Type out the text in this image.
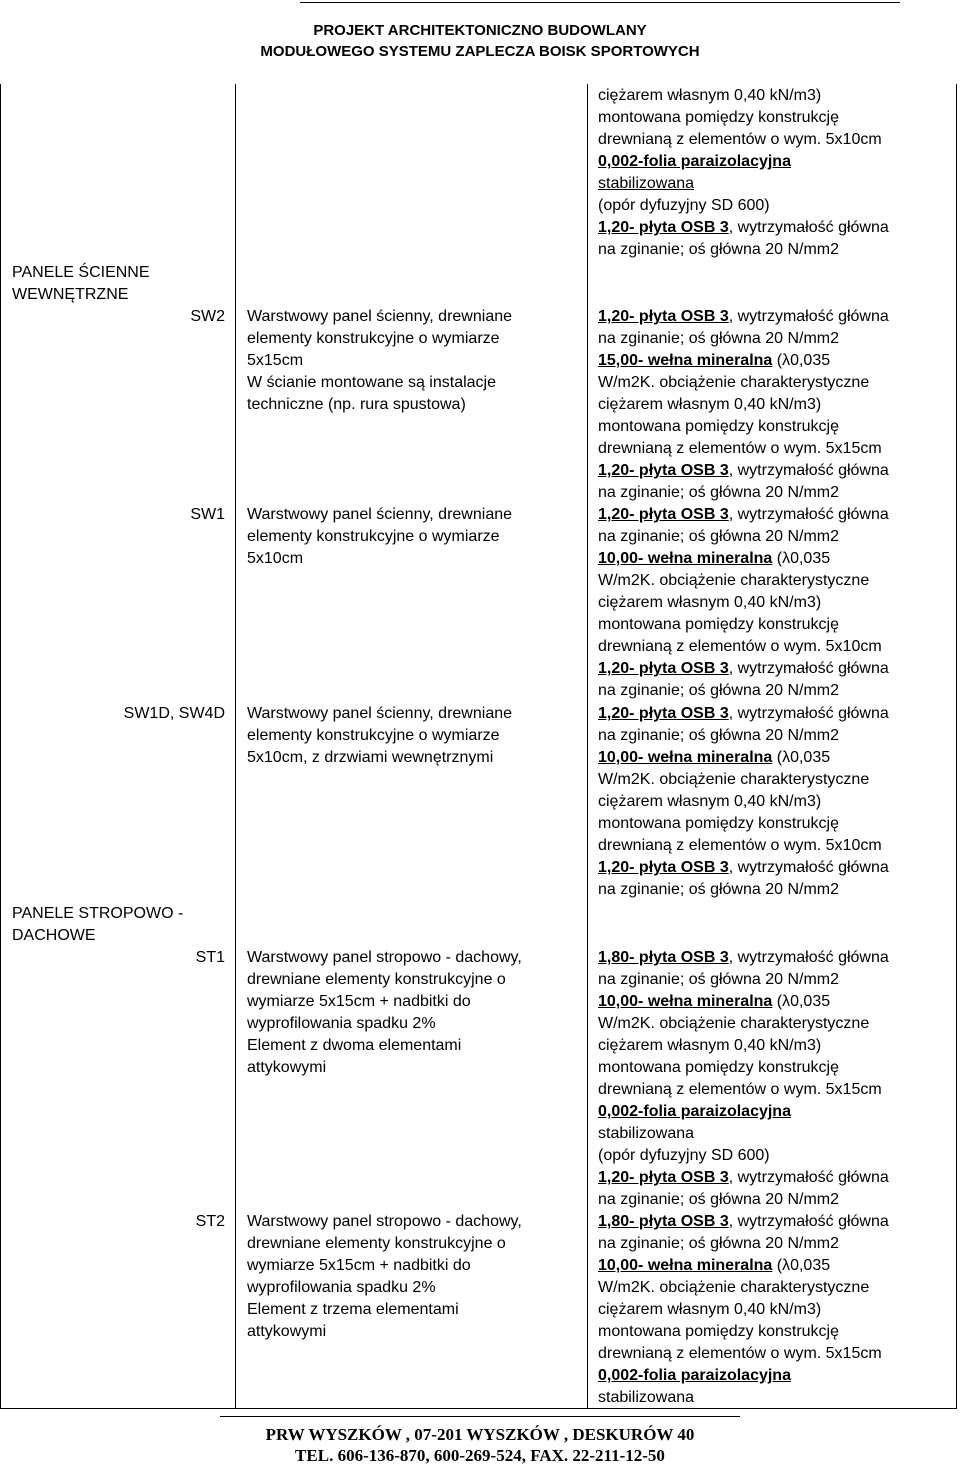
PROJEKT ARCHITEKTONICZNO BUDOWLANY
MODUŁOWEGO SYSTEMU ZAPLECZA BOISK SPORTOWYCH
ciężarem własnym 0,40 kN/m3)
montowana pomiędzy konstrukcję
drewnianą z elementów o wym. 5x10cm
0,002-folia paraizolacyjna
stabilizowana
(opór dyfuzyjny SD 600)
1,20- płyta OSB 3, wytrzymałość główna
na zginanie; oś główna 20 N/mm2
PANELE ŚCIENNE
WEWNĘTRZNE
SW2 Warstwowy panel ścienny, drewniane
elementy konstrukcyjne o wymiarze
5x15cm
W ścianie montowane są instalacje
techniczne (np. rura spustowa)
1,20- płyta OSB 3, wytrzymałość główna
na zginanie; oś główna 20 N/mm2
15,00- wełna mineralna (λ0,035
W/m2K. obciążenie charakterystyczne
ciężarem własnym 0,40 kN/m3)
montowana pomiędzy konstrukcję
drewnianą z elementów o wym. 5x15cm
1,20- płyta OSB 3, wytrzymałość główna
na zginanie; oś główna 20 N/mm2
SW1 Warstwowy panel ścienny, drewniane
elementy konstrukcyjne o wymiarze
5x10cm
1,20- płyta OSB 3, wytrzymałość główna
na zginanie; oś główna 20 N/mm2
10,00- wełna mineralna (λ0,035
W/m2K. obciążenie charakterystyczne
ciężarem własnym 0,40 kN/m3)
montowana pomiędzy konstrukcję
drewnianą z elementów o wym. 5x10cm
1,20- płyta OSB 3, wytrzymałość główna
na zginanie; oś główna 20 N/mm2
SW1D, SW4D Warstwowy panel ścienny, drewniane
elementy konstrukcyjne o wymiarze
5x10cm, z drzwiami wewnętrznymi
1,20- płyta OSB 3, wytrzymałość główna
na zginanie; oś główna 20 N/mm2
10,00- wełna mineralna (λ0,035
W/m2K. obciążenie charakterystyczne
ciężarem własnym 0,40 kN/m3)
montowana pomiędzy konstrukcję
drewnianą z elementów o wym. 5x10cm
1,20- płyta OSB 3, wytrzymałość główna
na zginanie; oś główna 20 N/mm2
PANELE STROPOWO -
DACHOWE
ST1 Warstwowy panel stropowo - dachowy,
drewniane elementy konstrukcyjne o
wymiarze 5x15cm + nadbitki do
wyprofilowania spadku 2%
Element z dwoma elementami
attykowymi
1,80- płyta OSB 3, wytrzymałość główna
na zginanie; oś główna 20 N/mm2
10,00- wełna mineralna (λ0,035
W/m2K. obciążenie charakterystyczne
ciężarem własnym 0,40 kN/m3)
montowana pomiędzy konstrukcję
drewnianą z elementów o wym. 5x15cm
0,002-folia paraizolacyjna
stabilizowana
(opór dyfuzyjny SD 600)
1,20- płyta OSB 3, wytrzymałość główna
na zginanie; oś główna 20 N/mm2
ST2 Warstwowy panel stropowo - dachowy,
drewniane elementy konstrukcyjne o
wymiarze 5x15cm + nadbitki do
wyprofilowania spadku 2%
Element z trzema elementami
attykowymi
1,80- płyta OSB 3, wytrzymałość główna
na zginanie; oś główna 20 N/mm2
10,00- wełna mineralna (λ0,035
W/m2K. obciążenie charakterystyczne
ciężarem własnym 0,40 kN/m3)
montowana pomiędzy konstrukcję
drewnianą z elementów o wym. 5x15cm
0,002-folia paraizolacyjna
stabilizowana
PRW WYSZKÓW , 07-201 WYSZKÓW , DESKURÓW 40
TEL. 606-136-870, 600-269-524, FAX. 22-211-12-50
